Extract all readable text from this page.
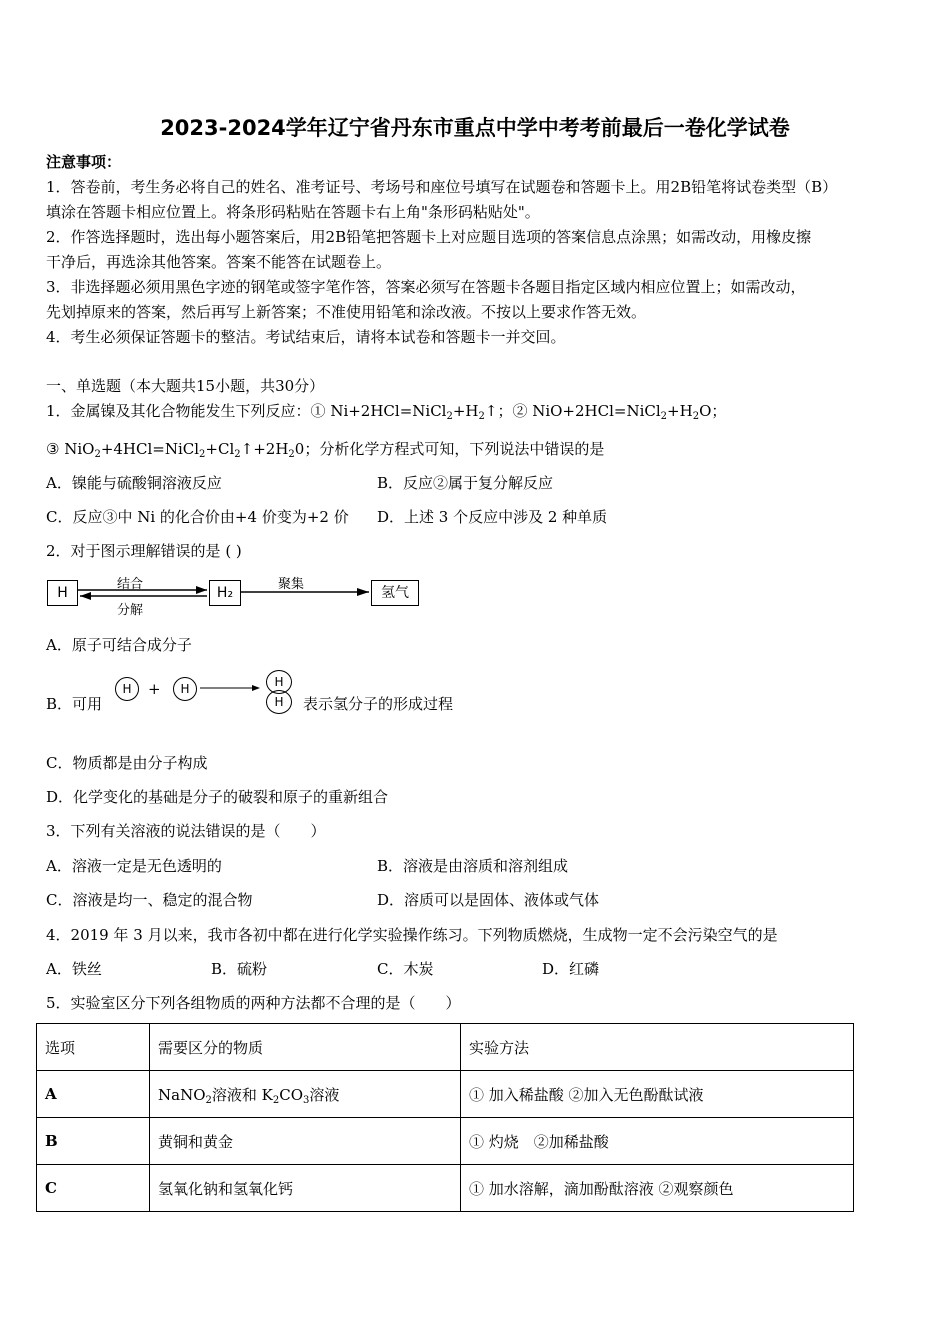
2023-2024学年辽宁省丹东市重点中学中考考前最后一卷化学试卷
注意事项：
1．答卷前，考生务必将自己的姓名、准考证号、考场号和座位号填写在试题卷和答题卡上。用2B铅笔将试卷类型（B）
填涂在答题卡相应位置上。将条形码粘贴在答题卡右上角"条形码粘贴处"。
2．作答选择题时，选出每小题答案后，用2B铅笔把答题卡上对应题目选项的答案信息点涂黑；如需改动，用橡皮擦
干净后，再选涂其他答案。答案不能答在试题卷上。
3．非选择题必须用黑色字迹的钢笔或签字笔作答，答案必须写在答题卡各题目指定区域内相应位置上；如需改动，
先划掉原来的答案，然后再写上新答案；不准使用铅笔和涂改液。不按以上要求作答无效。
4．考生必须保证答题卡的整洁。考试结束后，请将本试卷和答题卡一并交回。
一、单选题（本大题共15小题，共30分）
1．金属镍及其化合物能发生下列反应：① $Ni+2HCl=NiCl_2+H_2↑$；② $NiO+2HCl=NiCl_2+H_2O$；
③ $NiO_2+4HCl=NiCl_2+Cl_2↑+2H_20$；分析化学方程式可知，下列说法中错误的是
A．镍能与硫酸铜溶液反应	B．反应②属于复分解反应
C．反应③中 Ni 的化合价由+4 价变为+2 价 D．上述 3 个反应中涉及 2 种单质
2．对于图示理解错误的是 ( )
H	H₂	氢气
结合
分解
聚集
A．原子可结合成分子
B．可用
H	+	H →	H
H	表示氢分子的形成过程
C．物质都是由分子构成
D．化学变化的基础是分子的破裂和原子的重新组合
3．下列有关溶液的说法错误的是（　　）
A．溶液一定是无色透明的	B．溶液是由溶质和溶剂组成
C．溶液是均一、稳定的混合物	D．溶质可以是固体、液体或气体
4．2019 年 3 月以来，我市各初中都在进行化学实验操作练习。下列物质燃烧，生成物一定不会污染空气的是
A．铁丝	B．硫粉	C．木炭	D．红磷
5．实验室区分下列各组物质的两种方法都不合理的是（　　）
选项	需要区分的物质	实验方法
A	NaNO$_2$溶液和 $K_2CO_3$溶液	① 加入稀盐酸 ②加入无色酚酞试液
B	黄铜和黄金	① 灼烧　②加稀盐酸
C	氢氧化钠和氢氧化钙	① 加水溶解，滴加酚酞溶液 ②观察颜色
